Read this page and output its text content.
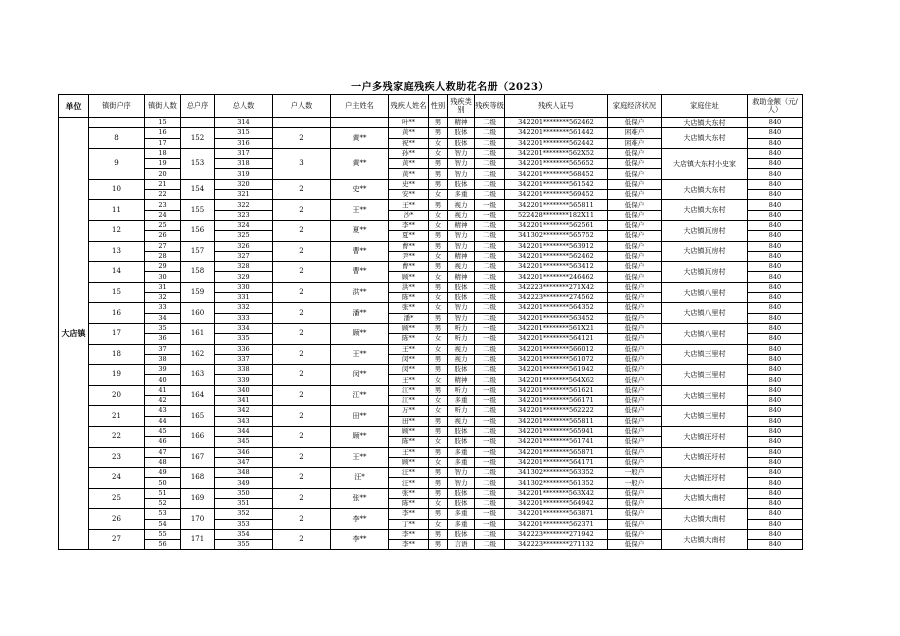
一户多残家庭残疾人救助花名册（2023）
单位	镇街户序	镇街人数	总户序	总人数	户人数	户主姓名	残疾人姓名	性别	残疾类别	残疾等级	残疾人证号	家庭经济状况	家庭住址	救助金额（元/人）
大店镇		15		314			叶**	男	精神	二级	342201********562462	低保户	大店镇大东村	840
	8	16	152	315	2	黄**	黄**	男	肢体	二级	342201********561442	困难户	大店镇大东村	840
		17		316			祝**	女	肢体	二级	342201********562442	困难户		840
	9	18	153	317	3	黄**	孙**	女	智力	二级	342201********562X52	低保户	大店镇大东村小史家	840
		19		318			黄**	男	智力	二级	342201********565652	低保户		840
		20		319			黄**	男	智力	二级	342201********568452	低保户		840
	10	21	154	320	2	史**	史**	男	肢体	二级	342201********561542	低保户	大店镇大东村	840
		22		321			安**	女	多重	二级	342201********569452	低保户		840
	11	23	155	322	2	王**	王**	男	视力	一级	342201********565811	低保户	大店镇大东村	840
		24		323			沙*	女	视力	一级	522428********182X11	低保户		840
	12	25	156	324	2	夏**	李**	女	精神	二级	342201********562561	低保户	大店镇瓦房村	840
		26		325			夏**	男	智力	二级	341302********565752	低保户		840
	13	27	157	326	2	曹**	曹**	男	智力	二级	342201********563912	低保户	大店镇瓦房村	840
		28		327			尹**	女	精神	二级	342201********562462	低保户		840
	14	29	158	328	2	曹**	曹**	男	视力	二级	342201********563412	低保户	大店镇瓦房村	840
		30		329			顾**	女	精神	二级	342201********246462	低保户		840
	15	31	159	330	2	洪**	洪**	男	肢体	二级	342223********271X42	低保户	大店镇八里村	840
		32		331			陈**	女	肢体	二级	342223********274562	低保户		840
	16	33	160	332	2	潘**	张**	女	智力	二级	342201********564352	低保户	大店镇八里村	840
		34		333			潘*	男	智力	二级	342201********563452	低保户		840
	17	35	161	334	2	顾**	顾**	男	听力	一级	342201********561X21	低保户	大店镇八里村	840
		36		335			陈**	女	听力	一级	342201********564121	低保户		840
	18	37	162	336	2	王**	王**	女	视力	二级	342201********566012	低保户	大店镇三里村	840
		38		337			闵**	男	视力	二级	342201********561072	低保户		840
	19	39	163	338	2	闵**	闵**	男	肢体	二级	342201********561942	低保户	大店镇三里村	840
		40		339			王**	女	精神	二级	342201********564X62	低保户		840
	20	41	164	340	2	江**	江**	男	听力	一级	342201********561621	低保户	大店镇三里村	840
		42		341			江**	女	多重	一级	342201********566171	低保户		840
	21	43	165	342	2	田**	万**	女	听力	二级	342201********562222	低保户	大店镇三里村	840
		44		343			田**	男	视力	一级	342201********565811	低保户		840
	22	45	166	344	2	顾**	顾**	男	肢体	二级	342201********565941	低保户	大店镇汪圩村	840
		46		345			陈**	女	肢体	一级	342201********561741	低保户		840
	23	47	167	346	2	王**	王**	男	多重	一级	342201********565871	低保户	大店镇汪圩村	840
		48		347			顾**	女	多重	一级	342201********564171	低保户		840
	24	49	168	348	2	汪*	汪**	男	智力	二级	341302********563352	一般户	大店镇汪圩村	840
		50		349			汪**	男	智力	二级	341302********561352	一般户		840
	25	51	169	350	2	张**	张**	男	肢体	二级	342201********563X42	低保户	大店镇大南村	840
		52		351			陈**	女	肢体	二级	342201********564942	低保户		840
	26	53	170	352	2	李**	李**	男	多重	一级	342201********563871	低保户	大店镇大南村	840
		54		353			丁**	女	多重	一级	342201********562371	低保户		840
	27	55	171	354	2	李**	李**	男	肢体	二级	342223********271942	低保户	大店镇大南村	840
		56		355			李**	男	言语	二级	342223********271132	低保户		840
